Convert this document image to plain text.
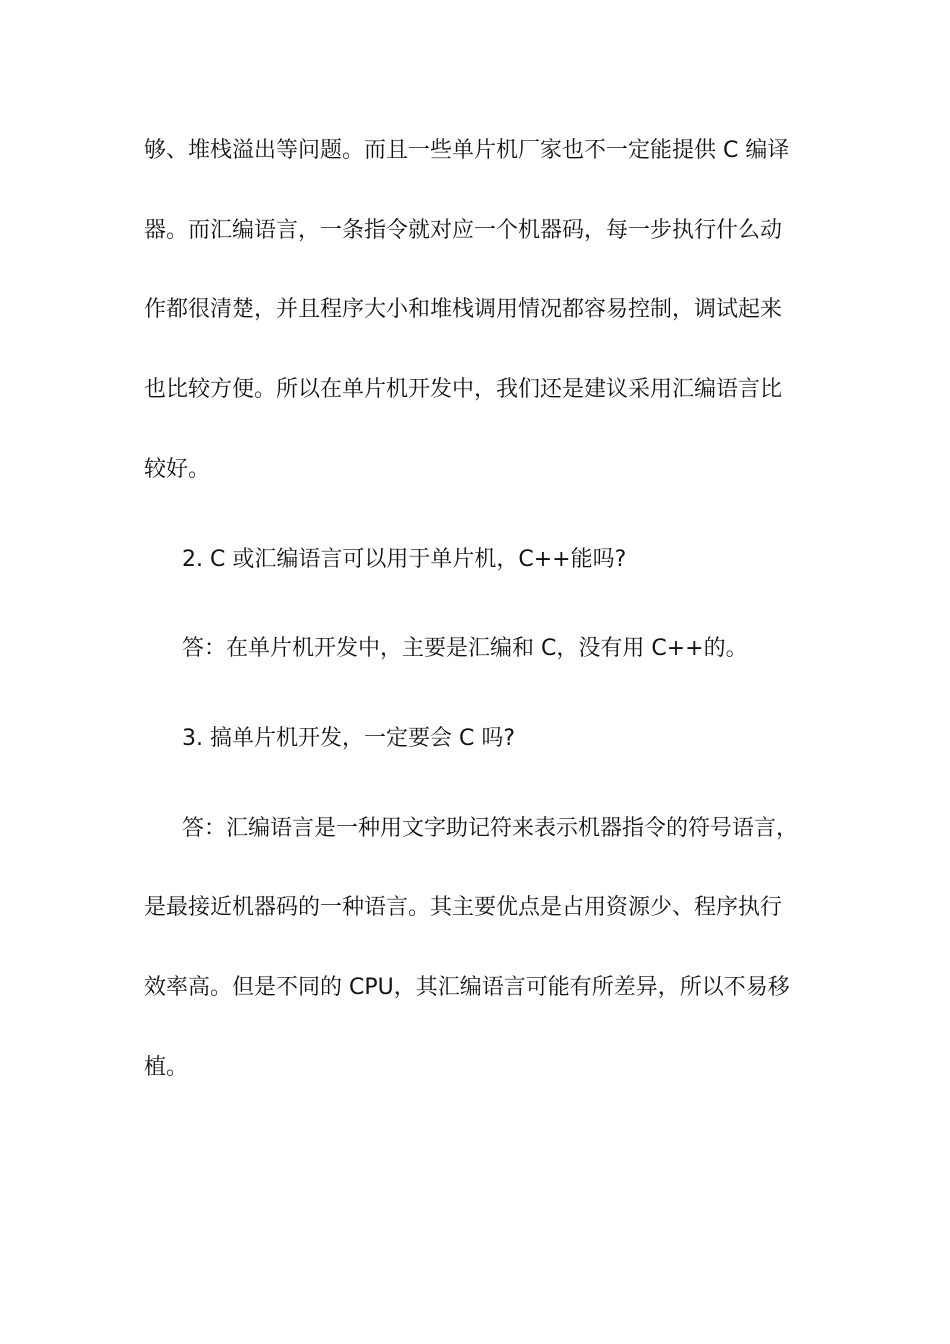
够、堆栈溢出等问题。而且一些单片机厂家也不一定能提供 C 编译
器。而汇编语言，一条指令就对应一个机器码，每一步执行什么动
作都很清楚，并且程序大小和堆栈调用情况都容易控制，调试起来
也比较方便。所以在单片机开发中，我们还是建议采用汇编语言比
较好。
2. C 或汇编语言可以用于单片机，C++能吗?
答：在单片机开发中，主要是汇编和 C，没有用 C++的。
3. 搞单片机开发，一定要会 C 吗?
答：汇编语言是一种用文字助记符来表示机器指令的符号语言，
是最接近机器码的一种语言。其主要优点是占用资源少、程序执行
效率高。但是不同的 CPU，其汇编语言可能有所差异，所以不易移
植。
